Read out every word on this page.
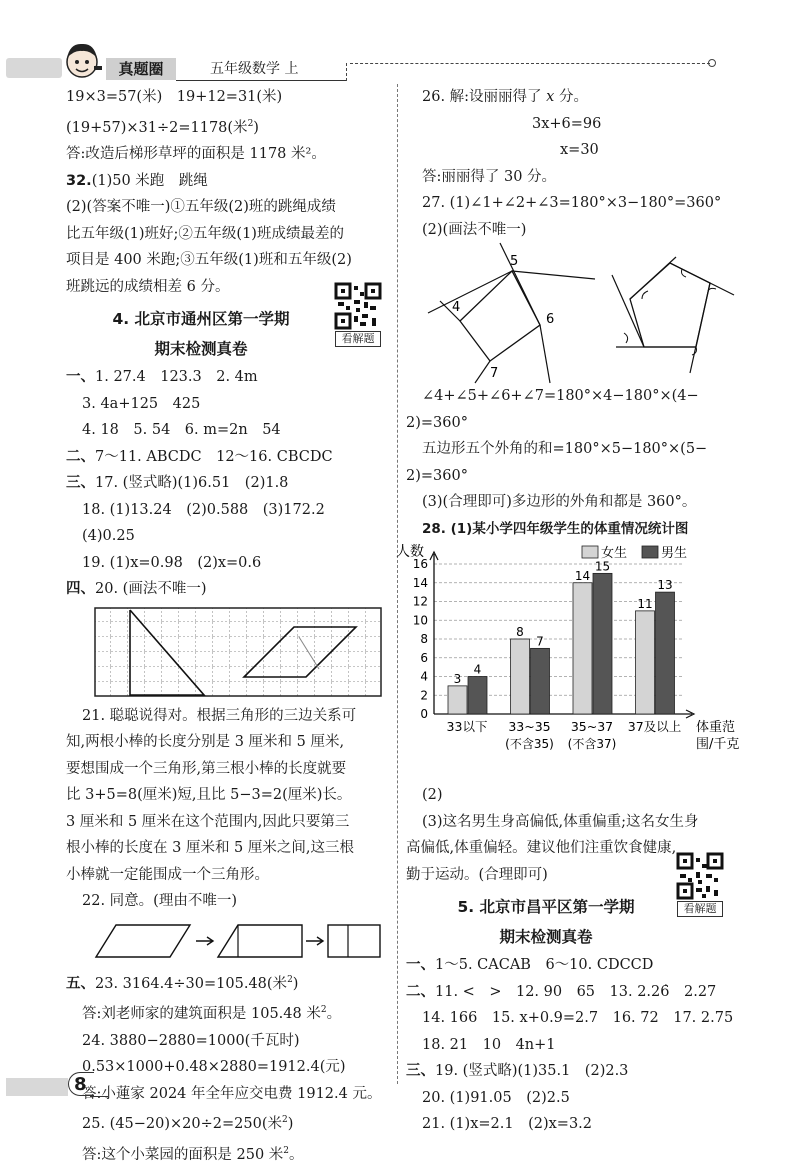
真题圈	五年级数学 上
19×3=57(米)　19+12=31(米)
(19+57)×31÷2=1178(米$^2$)
答:改造后梯形草坪的面积是 1178 米²。
32.(1)50 米跑　跳绳
(2)(答案不唯一)①五年级(2)班的跳绳成绩
比五年级(1)班好;②五年级(1)班成绩最差的
项目是 400 米跑;③五年级(1)班和五年级(2)
班跳远的成绩相差 6 分。
4. 北京市通州区第一学期
期末检测真卷
一、1. 27.4　123.3　2. 4m
3. 4a+125　425
4. 18　5. 54　6. m=2n　54
二、7～11. ABCDC　12～16. CBCDC
三、17. (竖式略)(1)6.51　(2)1.8
18. (1)13.24　(2)0.588　(3)172.2
(4)0.25
19. (1)x=0.98　(2)x=0.6
四、20. (画法不唯一)
21. 聪聪说得对。根据三角形的三边关系可
知,两根小棒的长度分别是 3 厘米和 5 厘米,
要想围成一个三角形,第三根小棒的长度就要
比 3+5=8(厘米)短,且比 5−3=2(厘米)长。
3 厘米和 5 厘米在这个范围内,因此只要第三
根小棒的长度在 3 厘米和 5 厘米之间,这三根
小棒就一定能围成一个三角形。
22. 同意。(理由不唯一)
五、23. 3164.4÷30=105.48(米$^2$)
答:刘老师家的建筑面积是 105.48 米$^2$。
24. 3880−2880=1000(千瓦时)
0.53×1000+0.48×2880=1912.4(元)
答:小蓮家 2024 年全年应交电费 1912.4 元。
25. (45−20)×20÷2=250(米$^2$)
答:这个小菜园的面积是 250 米$^2$。
看解题
26. 解:设丽丽得了 x 分。
3x+6=96
x=30
答:丽丽得了 30 分。
27. (1)∠1+∠2+∠3=180°×3−180°=360°
(2)(画法不唯一)
4
5
6
7
∠4+∠5+∠6+∠7=180°×4−180°×(4−
2)=360°
五边形五个外角的和=180°×5−180°×(5−
2)=360°
(3)(合理即可)多边形的外角和都是 360°。
28. (1)某小学四年级学生的体重情况统计图
人数	女生	男生
0
2
4
6
8
10
12
14
16
3
4
33以下
8
7
33~35
(不含35)
14
15
35~37
(不含37)
11
13
37及以上 体重范
围/千克
(2)
(3)这名男生身高偏低,体重偏重;这名女生身
高偏低,体重偏轻。建议他们注重饮食健康,
勤于运动。(合理即可)
5. 北京市昌平区第一学期
期末检测真卷
一、1～5. CACAB　6～10. CDCCD
二、11. <　>　12. 90　65　13. 2.26̇　2.27
14. 166　15. x+0.9=2.7　16. 72　17. 2.75
18. 21　10　4n+1
三、19. (竖式略)(1)35.1　(2)2.3
20. (1)91.05　(2)2.5
21. (1)x=2.1　(2)x=3.2
看解题
8
